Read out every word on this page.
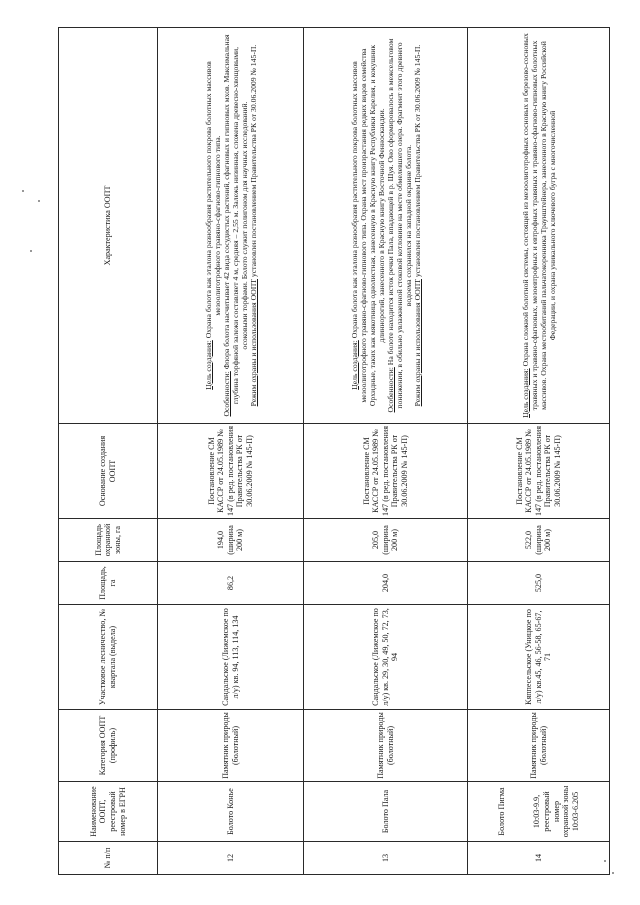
№ п/п	Наименование ООПТ, реестровый номер в ЕГРН	Категория ООПТ (профиль)	Участковое лесничество, № квартала (выдела)	Площадь, га	Площадь охранной зоны, га	Основание создания ООПТ	Характеристика ООПТ
12	Болото Конье	Памятник природы (болотный)	Сандальское (Лижемское по л/у) кв. 94, 113, 114, 134	86,2	194,0 (ширина 200 м)	Постановление СМ КАССР от 24.05.1989 № 147 (в ред. постановления Правительства РК от 30.06.2009 № 145-П)	Цель создания: Охрана болота как эталона разнообразия растительного покрова болотных массивов мезоолиготрофного травяно-сфагново-гипнового типа.

Особенности: Флора болота насчитывает 42 вида сосудистых растений, сфагновых и гипновых мхов. Максимальная глубина торфяной залежи составляет 4 м, средняя – 2,55 м. Залежь низинная, сложена древесно-хвощовыми, осоковыми торфами. Болото служит полигоном для научных исследований. Режим охраны и использования ООПТ установлен постановлением Правительства РК от 30.06.2009 № 145-П.

13	Болото Пала	Памятник природы (болотный)	Сандальское (Лижемское по л/у) кв. 29, 30, 49, 50, 72, 73, 94	204,0	205,0 (ширина 200 м)	Постановление СМ КАССР от 24.05.1989 № 147 (в ред. постановления Правительства РК от 30.06.2009 № 145-П)	Цель создания: Охрана болота как эталона разнообразия растительного покрова болотных массивов мезоолиготрофного травяно-сфагново-гипнового типа. Охрана мест произрастания редких видов семейства Орхидные, таких как мякотница однолистная, занесенную в Красную книгу Республики Карелия, и кокушник длиннорогий, занесенного в Красную книгу Восточной Фенноскандии.

Особенности: На болоте находится исток речки Пала, впадающей в р. Шуя. Оно сформировалось в межсельговом понижении, в обильно увлажненной стоковой котловине на месте обмелевшего озера. Фрагмент этого древнего водоема сохранился на западной окраине болота.

Режим охраны и использования ООПТ установлен постановлением Правительства РК от 30.06.2009 № 145-П.

14	Болото Пигма 10:03-9.9, реестровый номер охранной зоны 10:03-6.205	Памятник природы (болотный)	Кяппесельское (Уницкое по л/у) кв.45, 46, 56-58, 65-67, 71	525,0	522,0 (ширина 200 м)	Постановление СМ КАССР от 24.05.1989 № 147 (в ред. постановления Правительства РК от 30.06.2009 № 145-П)	Цель создания: Охрана сложной болотной системы, состоящей из мезоолиготрофных сосновых и березово-сосновых травяных и травяно-сфагновых, мезоевтрофных и евтрофных травяных и травяно-сфагново-гипновых болотных массивов. Охрана местообитаний пальчатокоренника Траунштейнера, занесенного в Красную книгу Российской Федерации, и охрана уникального ключевого бугра с многочисленной
